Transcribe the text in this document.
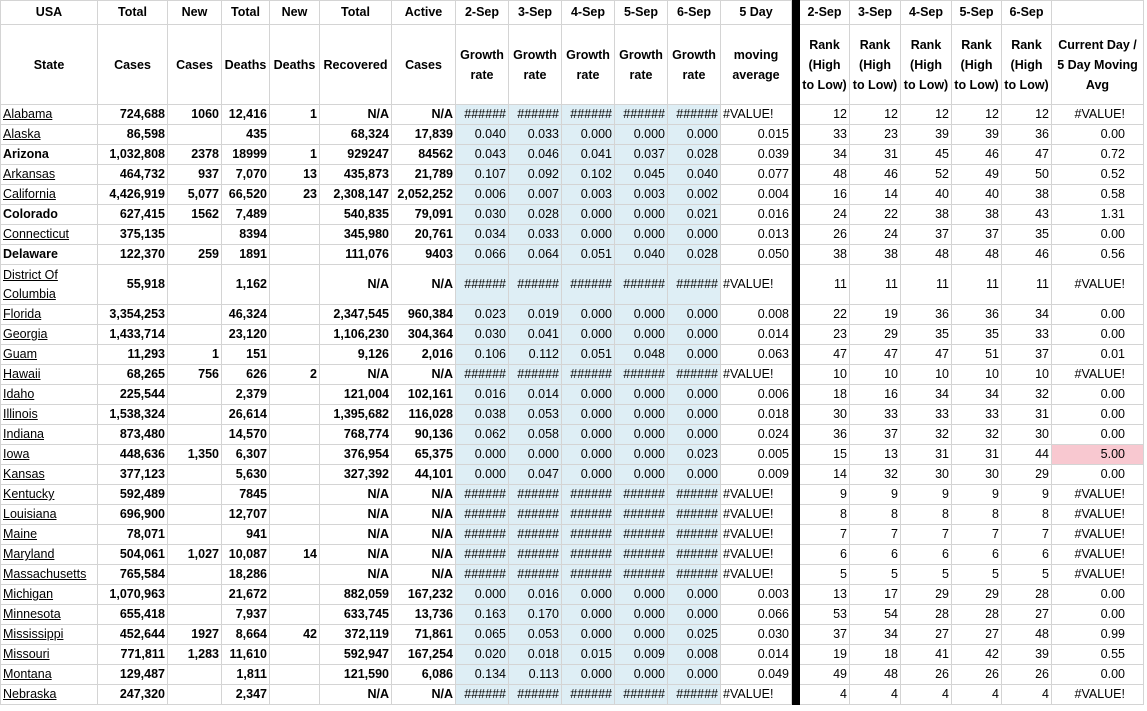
USA	Total	New	Total	New	Total	Active	2-Sep	3-Sep	4-Sep	5-Sep	6-Sep	5 Day		2-Sep	3-Sep	4-Sep	5-Sep	6-Sep	
State	Cases	Cases	Deaths	Deaths	Recovered	Cases	Growth rate	Growth rate	Growth rate	Growth rate	Growth rate	moving average		Rank (High to Low)	Rank (High to Low)	Rank (High to Low)	Rank (High to Low)	Rank (High to Low)	Current Day / 5 Day Moving Avg
Alabama	724,688	1060	12,416	1	N/A	N/A	######	######	######	######	######	#VALUE!		12	12	12	12	12	#VALUE!
Alaska	86,598		435		68,324	17,839	0.040	0.033	0.000	0.000	0.000	0.015		33	23	39	39	36	0.00
Arizona	1,032,808	2378	18999	1	929247	84562	0.043	0.046	0.041	0.037	0.028	0.039		34	31	45	46	47	0.72
Arkansas	464,732	937	7,070	13	435,873	21,789	0.107	0.092	0.102	0.045	0.040	0.077		48	46	52	49	50	0.52
California	4,426,919	5,077	66,520	23	2,308,147	2,052,252	0.006	0.007	0.003	0.003	0.002	0.004		16	14	40	40	38	0.58
Colorado	627,415	1562	7,489		540,835	79,091	0.030	0.028	0.000	0.000	0.021	0.016		24	22	38	38	43	1.31
Connecticut	375,135		8394		345,980	20,761	0.034	0.033	0.000	0.000	0.000	0.013		26	24	37	37	35	0.00
Delaware	122,370	259	1891		111,076	9403	0.066	0.064	0.051	0.040	0.028	0.050		38	38	48	48	46	0.56
District Of Columbia	55,918		1,162		N/A	N/A	######	######	######	######	######	#VALUE!		11	11	11	11	11	#VALUE!
Florida	3,354,253		46,324		2,347,545	960,384	0.023	0.019	0.000	0.000	0.000	0.008		22	19	36	36	34	0.00
Georgia	1,433,714		23,120		1,106,230	304,364	0.030	0.041	0.000	0.000	0.000	0.014		23	29	35	35	33	0.00
Guam	11,293	1	151		9,126	2,016	0.106	0.112	0.051	0.048	0.000	0.063		47	47	47	51	37	0.01
Hawaii	68,265	756	626	2	N/A	N/A	######	######	######	######	######	#VALUE!		10	10	10	10	10	#VALUE!
Idaho	225,544		2,379		121,004	102,161	0.016	0.014	0.000	0.000	0.000	0.006		18	16	34	34	32	0.00
Illinois	1,538,324		26,614		1,395,682	116,028	0.038	0.053	0.000	0.000	0.000	0.018		30	33	33	33	31	0.00
Indiana	873,480		14,570		768,774	90,136	0.062	0.058	0.000	0.000	0.000	0.024		36	37	32	32	30	0.00
Iowa	448,636	1,350	6,307		376,954	65,375	0.000	0.000	0.000	0.000	0.023	0.005		15	13	31	31	44	5.00
Kansas	377,123		5,630		327,392	44,101	0.000	0.047	0.000	0.000	0.000	0.009		14	32	30	30	29	0.00
Kentucky	592,489		7845		N/A	N/A	######	######	######	######	######	#VALUE!		9	9	9	9	9	#VALUE!
Louisiana	696,900		12,707		N/A	N/A	######	######	######	######	######	#VALUE!		8	8	8	8	8	#VALUE!
Maine	78,071		941		N/A	N/A	######	######	######	######	######	#VALUE!		7	7	7	7	7	#VALUE!
Maryland	504,061	1,027	10,087	14	N/A	N/A	######	######	######	######	######	#VALUE!		6	6	6	6	6	#VALUE!
Massachusetts	765,584		18,286		N/A	N/A	######	######	######	######	######	#VALUE!		5	5	5	5	5	#VALUE!
Michigan	1,070,963		21,672		882,059	167,232	0.000	0.016	0.000	0.000	0.000	0.003		13	17	29	29	28	0.00
Minnesota	655,418		7,937		633,745	13,736	0.163	0.170	0.000	0.000	0.000	0.066		53	54	28	28	27	0.00
Mississippi	452,644	1927	8,664	42	372,119	71,861	0.065	0.053	0.000	0.000	0.025	0.030		37	34	27	27	48	0.99
Missouri	771,811	1,283	11,610		592,947	167,254	0.020	0.018	0.015	0.009	0.008	0.014		19	18	41	42	39	0.55
Montana	129,487		1,811		121,590	6,086	0.134	0.113	0.000	0.000	0.000	0.049		49	48	26	26	26	0.00
Nebraska	247,320		2,347		N/A	N/A	######	######	######	######	######	#VALUE!		4	4	4	4	4	#VALUE!
